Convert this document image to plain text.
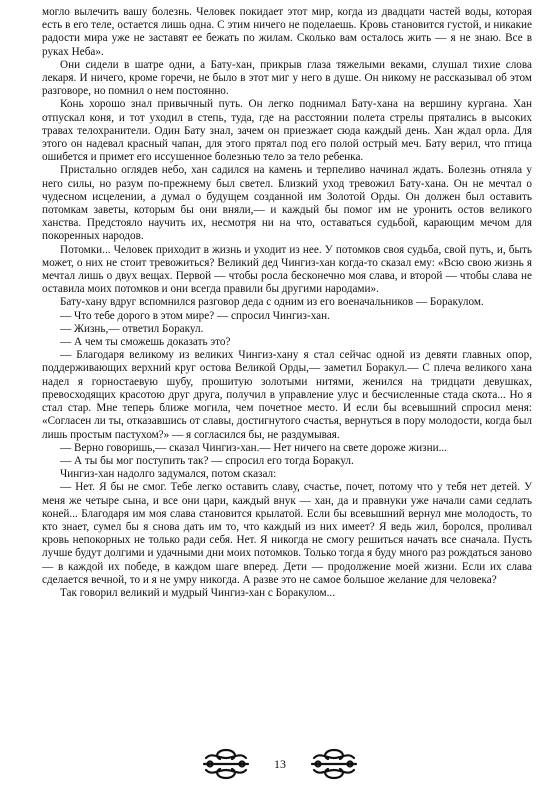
могло вылечить вашу болезнь. Человек покидает этот мир, когда из двадцати частей воды, которая есть в его теле, остается лишь одна. С этим ничего не поделаешь. Кровь становится густой, и никакие радости мира уже не заставят ее бежать по жилам. Сколько вам осталось жить — я не знаю. Все в руках Неба».

Они сидели в шатре одни, а Бату-хан, прикрыв глаза тяжелыми веками, слушал тихие слова лекаря. И ничего, кроме горечи, не было в этот миг у него в душе. Он никому не рассказывал об этом разговоре, но помнил о нем постоянно.

Конь хорошо знал привычный путь. Он легко поднимал Бату-хана на вершину кургана. Хан отпускал коня, и тот уходил в степь, туда, где на расстоянии полета стрелы прятались в высоких травах телохранители. Один Бату знал, зачем он приезжает сюда каждый день. Хан ждал орла. Для этого он надевал красный чапан, для этого прятал под его полой острый меч. Бату верил, что птица ошибется и примет его иссушенное болезнью тело за тело ребенка.

Пристально оглядев небо, хан садился на камень и терпеливо начинал ждать. Болезнь отняла у него силы, но разум по-прежнему был светел. Близкий уход тревожил Бату-хана. Он не мечтал о чудесном исцелении, а думал о будущем созданной им Золотой Орды. Он должен был оставить потомкам заветы, которым бы они вняли,— и каждый бы помог им не уронить остов великого ханства. Предстояло научить их, несмотря ни на что, оставаться судьбой, карающим мечом для покоренных народов.

Потомки... Человек приходит в жизнь и уходит из нее. У потомков своя судьба, свой путь, и, быть может, о них не стоит тревожиться? Великий дед Чингиз-хан когда-то сказал ему: «Всю свою жизнь я мечтал лишь о двух вещах. Первой — чтобы росла бесконечно моя слава, и второй — чтобы слава не оставила моих потомков и они всегда правили бы другими народами».

Бату-хану вдруг вспомнился разговор деда с одним из его военачальников — Боракулом.

— Что тебе дорого в этом мире? — спросил Чингиз-хан.

— Жизнь,— ответил Боракул.

— А чем ты сможешь доказать это?

— Благодаря великому из великих Чингиз-хану я стал сейчас одной из девяти главных опор, поддерживающих верхний круг остова Великой Орды,— заметил Боракул.— С плеча великого хана надел я горностаевую шубу, прошитую золотыми нитями, женился на тридцати девушках, превосходящих красотою друг друга, получил в управление улус и бесчисленные стада скота... Но я стал стар. Мне теперь ближе могила, чем почетное место. И если бы всевышний спросил меня: «Согласен ли ты, отказавшись от славы, достигнутого счастья, вернуться в пору молодости, когда был лишь простым пастухом?» — я согласился бы, не раздумывая.

— Верно говоришь,— сказал Чингиз-хан.— Нет ничего на свете дороже жизни...

— А ты бы мог поступить так? — спросил его тогда Боракул.

Чингиз-хан надолго задумался, потом сказал:

— Нет. Я бы не смог. Тебе легко оставить славу, счастье, почет, потому что у тебя нет детей. У меня же четыре сына, и все они цари, каждый внук — хан, да и правнуки уже начали сами седлать коней... Благодаря им моя слава становится крылатой. Если бы всевышний вернул мне молодость, то кто знает, сумел бы я снова дать им то, что каждый из них имеет? Я ведь жил, боролся, проливал кровь непокорных не только ради себя. Нет. Я никогда не смогу решиться начать все сначала. Пусть лучше будут долгими и удачными дни моих потомков. Только тогда я буду много раз рождаться заново — в каждой их победе, в каждом шаге вперед. Дети — продолжение моей жизни. Если их слава сделается вечной, то и я не умру никогда. А разве это не самое большое желание для человека?

Так говорил великий и мудрый Чингиз-хан с Боракулом...

13
